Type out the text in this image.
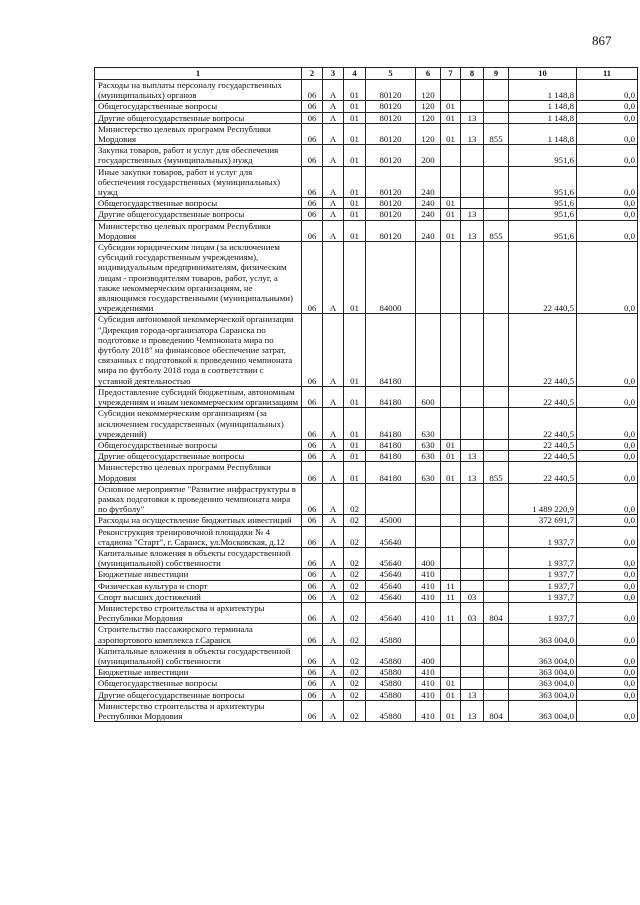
867
1	2	3	4	5	6	7	8	9	10	11
Расходы на выплаты персоналу государственных (муниципальных) органов	06	А	01	80120	120				1 148,8	0,0
Общегосударственные вопросы	06	А	01	80120	120	01			1 148,8	0,0
Другие общегосударственные вопросы	06	А	01	80120	120	01	13		1 148,8	0,0
Министерство целевых программ Республики Мордовия	06	А	01	80120	120	01	13	855	1 148,8	0,0
Закупка товаров, работ и услуг для обеспечения государственных (муниципальных) нужд	06	А	01	80120	200				951,6	0,0
Иные закупки товаров, работ и услуг для обеспечения государственных (муниципальных) нужд	06	А	01	80120	240				951,6	0,0
Общегосударственные вопросы	06	А	01	80120	240	01			951,6	0,0
Другие общегосударственные вопросы	06	А	01	80120	240	01	13		951,6	0,0
Министерство целевых программ Республики Мордовия	06	А	01	80120	240	01	13	855	951,6	0,0
Субсидии юридическим лицам (за исключением субсидий государственным учреждениям), индивидуальным предпринимателям, физическим лицам - производителям товаров, работ, услуг, а также некоммерческим организациям, не являющимся государственными (муниципальными) учреждениями	06	А	01	84000					22 440,5	0,0
Субсидия автономной некоммерческой организации "Дирекция города-организатора Саранска по подготовке и проведению Чемпионата мира по футболу 2018" на финансовое обеспечение затрат, связанных с подготовкой к проведению чемпионата мира по футболу 2018 года в соответствии с уставной деятельностью	06	А	01	84180					22 440,5	0,0
Предоставление субсидий бюджетным, автономным учреждениям и иным некоммерческим организациям	06	А	01	84180	600				22 440,5	0,0
Субсидии некоммерческим организациям (за исключением государственных (муниципальных) учреждений)	06	А	01	84180	630				22 440,5	0,0
Общегосударственные вопросы	06	А	01	84180	630	01			22 440,5	0,0
Другие общегосударственные вопросы	06	А	01	84180	630	01	13		22 440,5	0,0
Министерство целевых программ Республики Мордовия	06	А	01	84180	630	01	13	855	22 440,5	0,0
Основное мероприятие "Развитие инфраструктуры в рамках подготовки к проведению чемпионата мира по футболу"	06	А	02						1 489 220,9	0,0
Расходы на осуществление бюджетных инвестиций	06	А	02	45000					372 691,7	0,0
Реконструкция тренировочной площадки № 4 стадиона "Старт", г. Саранск, ул.Московская, д.12	06	А	02	45640					1 937,7	0,0
Капитальные вложения в объекты государственной (муниципальной) собственности	06	А	02	45640	400				1 937,7	0,0
Бюджетные инвестиции	06	А	02	45640	410				1 937,7	0,0
Физическая культура и спорт	06	А	02	45640	410	11			1 937,7	0,0
Спорт высших достижений	06	А	02	45640	410	11	03		1 937,7	0,0
Министерство строительства и архитектуры Республики Мордовия	06	А	02	45640	410	11	03	804	1 937,7	0,0
Строительство пассажирского терминала аэропортового комплекса г.Саранск	06	А	02	45880					363 004,0	0,0
Капитальные вложения в объекты государственной (муниципальной) собственности	06	А	02	45880	400				363 004,0	0,0
Бюджетные инвестиции	06	А	02	45880	410				363 004,0	0,0
Общегосударственные вопросы	06	А	02	45880	410	01			363 004,0	0,0
Другие общегосударственные вопросы	06	А	02	45880	410	01	13		363 004,0	0,0
Министерство строительства и архитектуры Республики Мордовия	06	А	02	45880	410	01	13	804	363 004,0	0,0
